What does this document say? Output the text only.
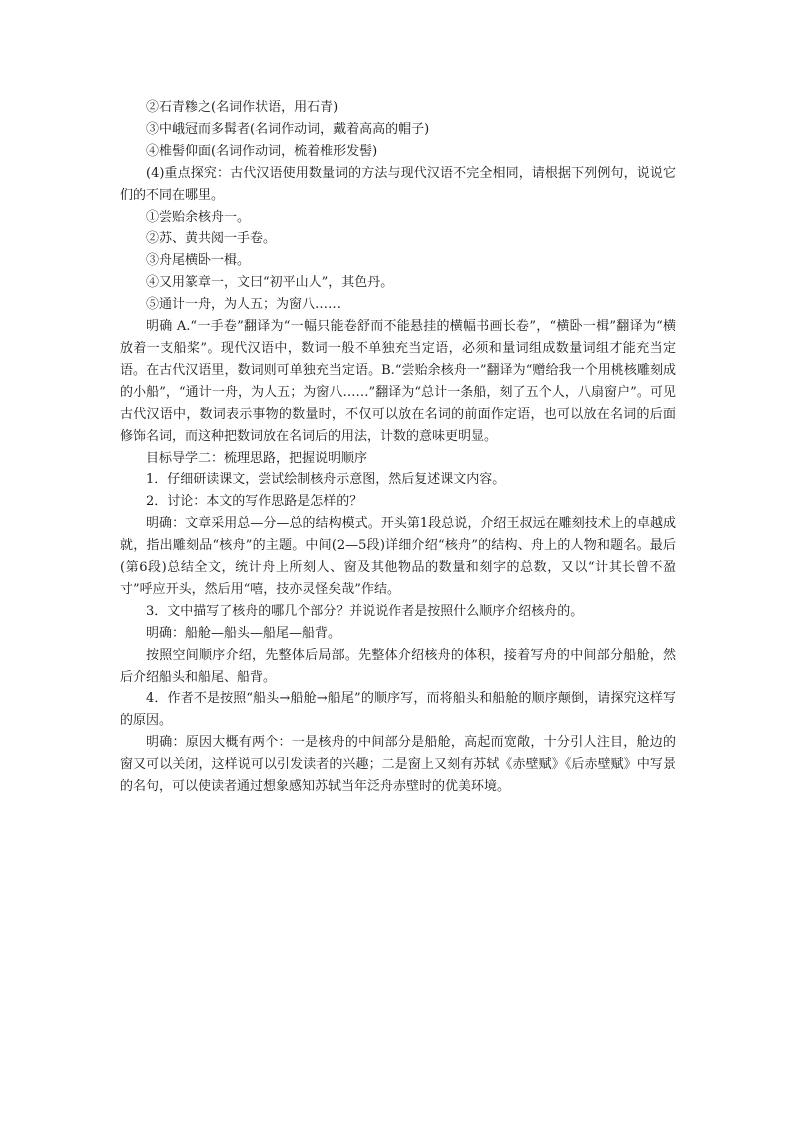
②石青糁之(名词作状语，用石青)

③中峨冠而多髯者(名词作动词，戴着高高的帽子)

④椎髻仰面(名词作动词，梳着椎形发髻)

(4)重点探究：古代汉语使用数量词的方法与现代汉语不完全相同，请根据下列例句，说说它们的不同在哪里。

①尝贻余核舟一。

②苏、黄共阅一手卷。

③舟尾横卧一楫。

④又用篆章一，文曰“初平山人”，其色丹。

⑤通计一舟，为人五；为窗八……

明确 A.“一手卷”翻译为“一幅只能卷舒而不能悬挂的横幅书画长卷”，“横卧一楫”翻译为“横放着一支船桨”。现代汉语中，数词一般不单独充当定语，必须和量词组成数量词组才能充当定语。在古代汉语里，数词则可单独充当定语。B.“尝贻余核舟一”翻译为“赠给我一个用桃核雕刻成的小船”，“通计一舟，为人五；为窗八……”翻译为“总计一条船，刻了五个人，八扇窗户”。可见古代汉语中，数词表示事物的数量时，不仅可以放在名词的前面作定语，也可以放在名词的后面修饰名词，而这种把数词放在名词后的用法，计数的意味更明显。

目标导学二：梳理思路，把握说明顺序

1．仔细研读课文，尝试绘制核舟示意图，然后复述课文内容。

2．讨论：本文的写作思路是怎样的？

明确：文章采用总—分—总的结构模式。开头第1段总说，介绍王叔远在雕刻技术上的卓越成就，指出雕刻品“核舟”的主题。中间(2—5段)详细介绍“核舟”的结构、舟上的人物和题名。最后(第6段)总结全文，统计舟上所刻人、窗及其他物品的数量和刻字的总数，又以“计其长曾不盈寸”呼应开头，然后用“嘻，技亦灵怪矣哉”作结。

3．文中描写了核舟的哪几个部分？并说说作者是按照什么顺序介绍核舟的。

明确：船舱—船头—船尾—船背。

按照空间顺序介绍，先整体后局部。先整体介绍核舟的体积，接着写舟的中间部分船舱，然后介绍船头和船尾、船背。

4．作者不是按照“船头→船舱→船尾”的顺序写，而将船头和船舱的顺序颠倒，请探究这样写的原因。

明确：原因大概有两个：一是核舟的中间部分是船舱，高起而宽敞，十分引人注目，舱边的窗又可以关闭，这样说可以引发读者的兴趣；二是窗上又刻有苏轼《赤壁赋》《后赤壁赋》中写景的名句，可以使读者通过想象感知苏轼当年泛舟赤壁时的优美环境。
